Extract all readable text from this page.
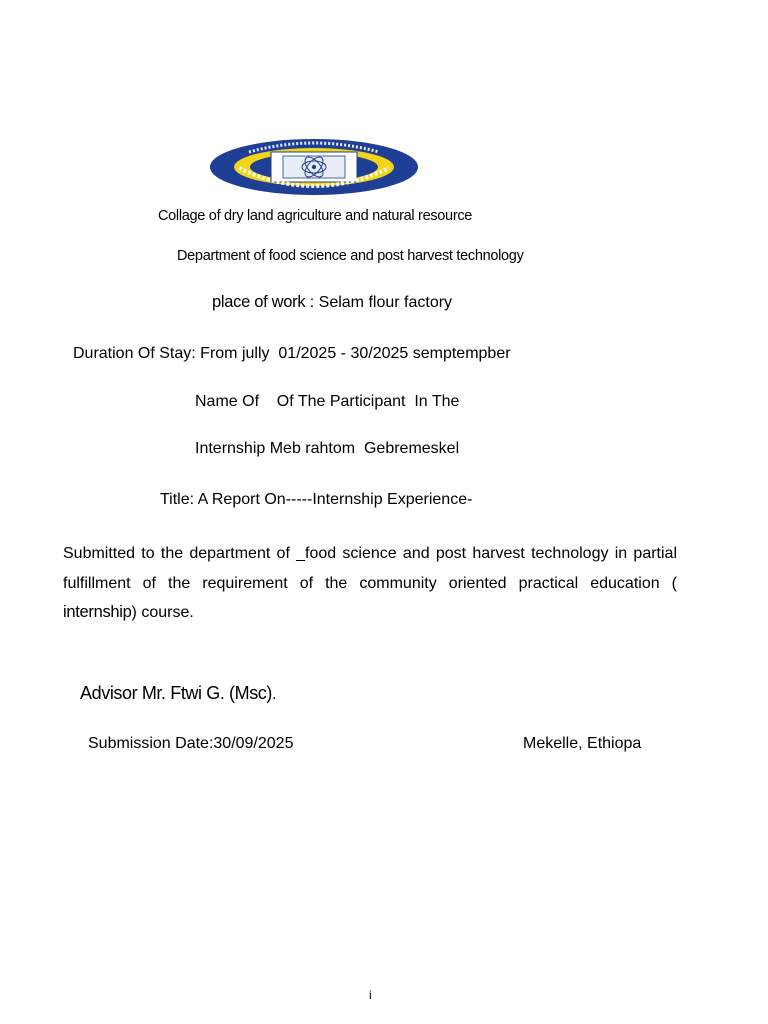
Collage of dry land agriculture and natural resource
Department of food science and post harvest technology
place of work : Selam flour factory
Duration Of Stay: From jully  01/2025 - 30/2025 semptempber
Name Of    Of The Participant  In The
Internship Meb rahtom  Gebremeskel
Title: A Report On-----Internship Experience-
Submitted to the department of _food science and post harvest technology in partial fulfillment of the requirement of the community oriented practical education ( internship) course.
Advisor Mr. Ftwi G. (Msc).
Submission Date:30/09/2025	Mekelle, Ethiopa
i
